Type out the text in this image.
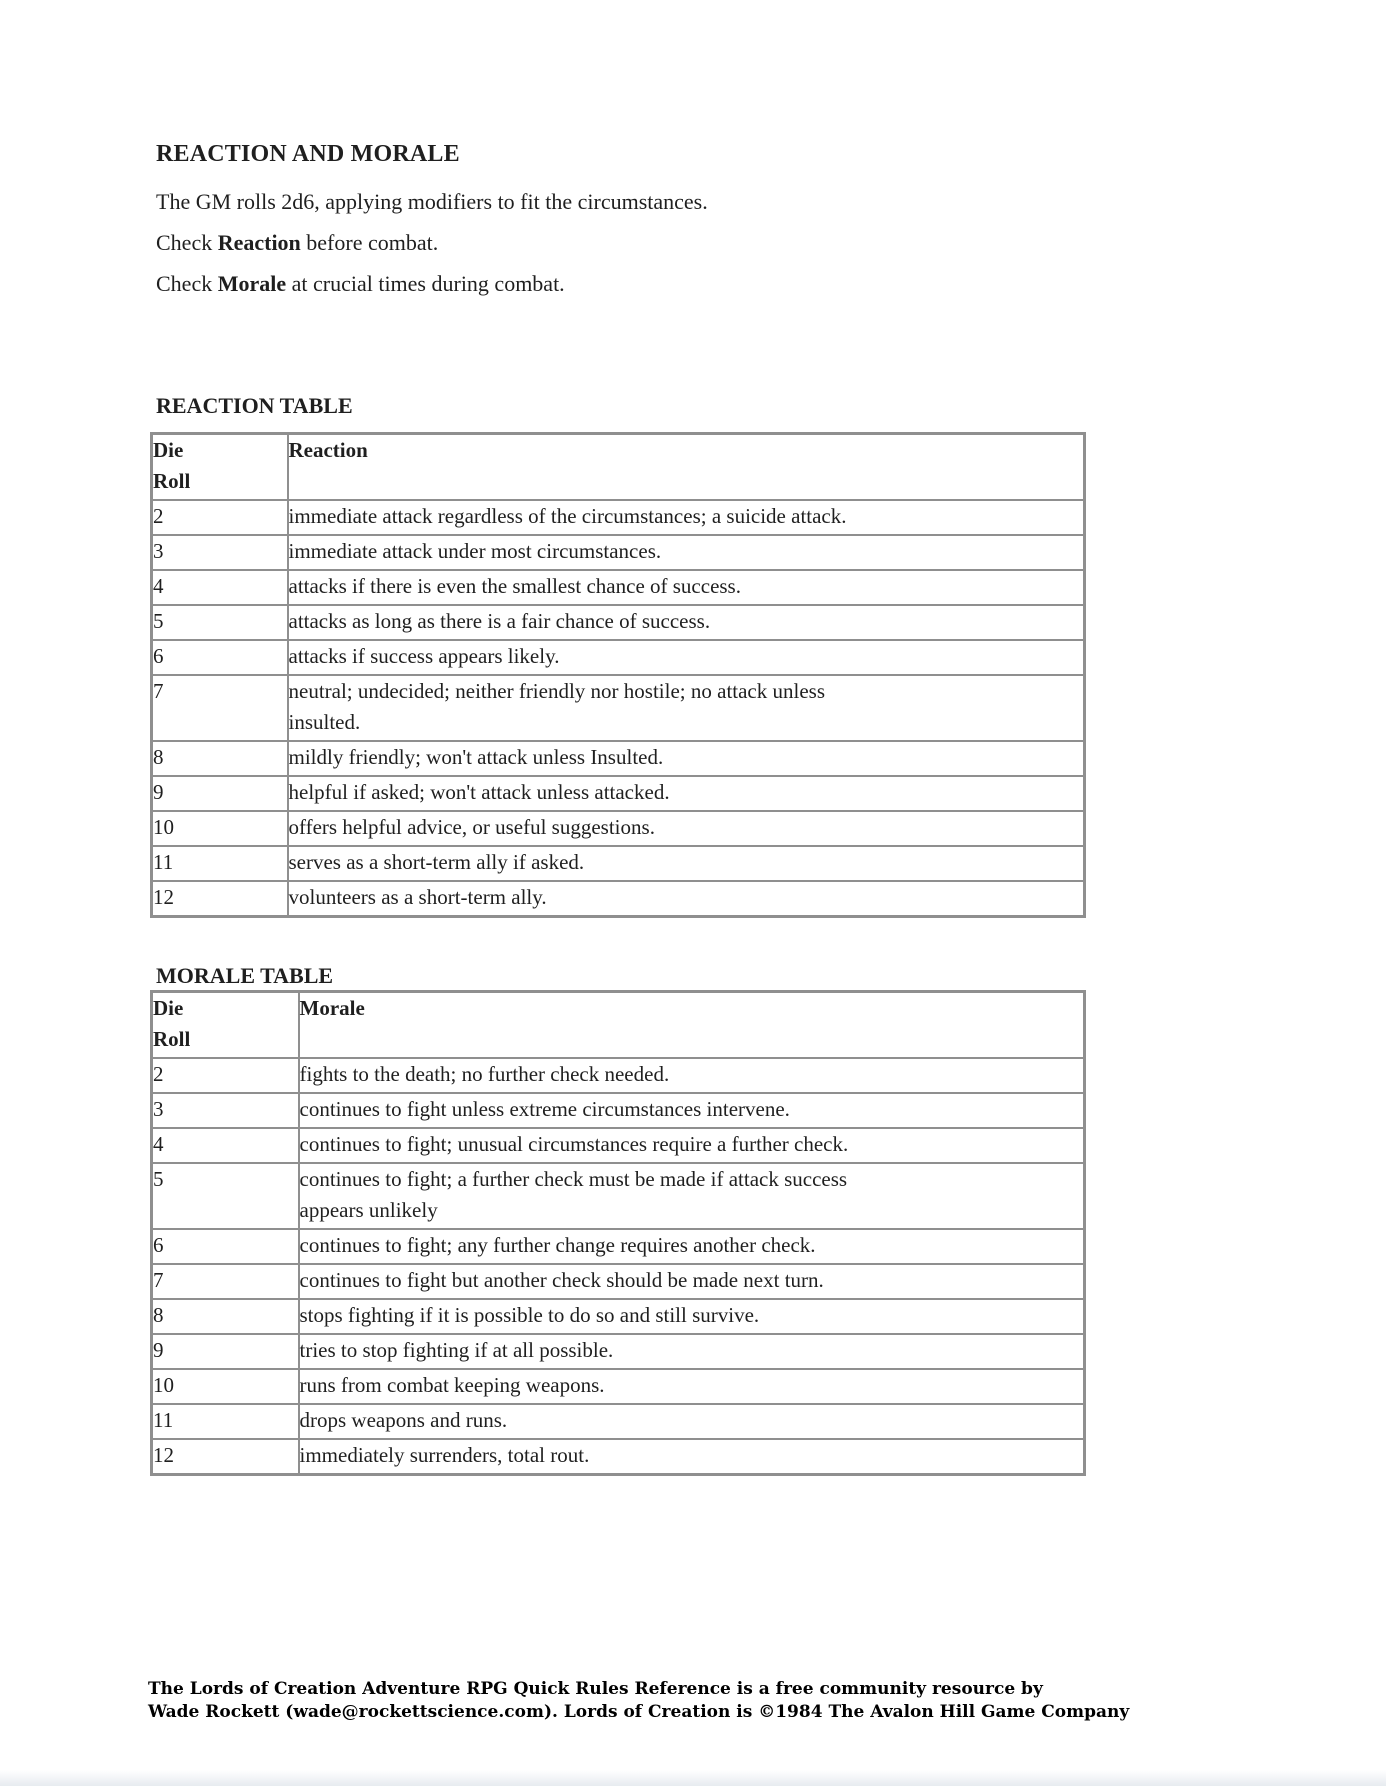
REACTION AND MORALE

The GM rolls 2d6, applying modifiers to fit the circumstances.

Check Reaction before combat.

Check Morale at crucial times during combat.

REACTION TABLE
Die Roll	Reaction
2	immediate attack regardless of the circumstances; a suicide attack.

3	immediate attack under most circumstances.

4	attacks if there is even the smallest chance of success.

5	attacks as long as there is a fair chance of success.

6	attacks if success appears likely.

7	neutral; undecided; neither friendly nor hostile; no attack unless
insulted.

8	mildly friendly; won't attack unless Insulted.

9	helpful if asked; won't attack unless attacked.

10	offers helpful advice, or useful suggestions.

11	serves as a short-term ally if asked.

12	volunteers as a short-term ally.
MORALE TABLE
Die Roll	Morale
2	fights to the death; no further check needed.

3	continues to fight unless extreme circumstances intervene.

4	continues to fight; unusual circumstances require a further check.

5	continues to fight; a further check must be made if attack success
appears unlikely

6	continues to fight; any further change requires another check.

7	continues to fight but another check should be made next turn.

8	stops fighting if it is possible to do so and still survive.

9	tries to stop fighting if at all possible.

10	runs from combat keeping weapons.

11	drops weapons and runs.

12	immediately surrenders, total rout.
The Lords of Creation Adventure RPG Quick Rules Reference is a free community resource by
Wade Rockett (wade@rockettscience.com). Lords of Creation is ©1984 The Avalon Hill Game Company
